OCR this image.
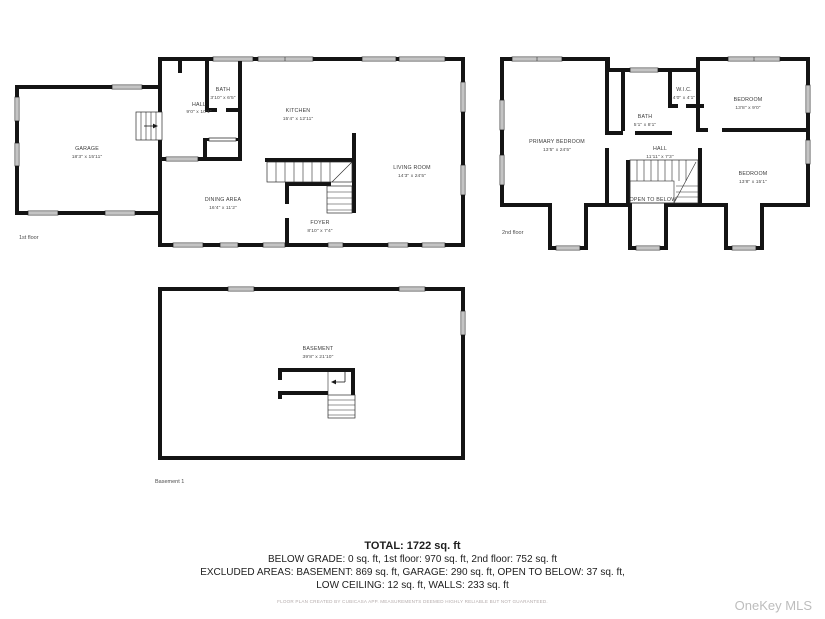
GARAGE
18'3" x 15'11"
HALL
9'0" x 10'1"
BATH
3'10" x 6'5"
KITCHEN
15'4" x 12'11"
LIVING ROOM
14'3" x 24'5"
DINING AREA
16'4" x 11'2"
FOYER
8'10" x 7'4"
1st floor
PRIMARY BEDROOM
13'5" x 24'5"
BATH
5'1" x 8'1"
W.I.C.
4'0" x 4'1"	BEDROOM
13'8" x 9'0"
HALL
11'11" x 7'3"
OPEN TO BELOW
BEDROOM
13'8" x 15'1"
2nd floor
BASEMENT
39'8" x 21'10"
Basement 1
TOTAL: 1722 sq. ft
BELOW GRADE: 0 sq. ft, 1st floor: 970 sq. ft, 2nd floor: 752 sq. ft
EXCLUDED AREAS: BASEMENT: 869 sq. ft, GARAGE: 290 sq. ft, OPEN TO BELOW: 37 sq. ft,
LOW CEILING: 12 sq. ft, WALLS: 233 sq. ft
FLOOR PLAN CREATED BY CUBICASA APP. MEASUREMENTS DEEMED HIGHLY RELIABLE BUT NOT GUARANTEED.	OneKey MLS
